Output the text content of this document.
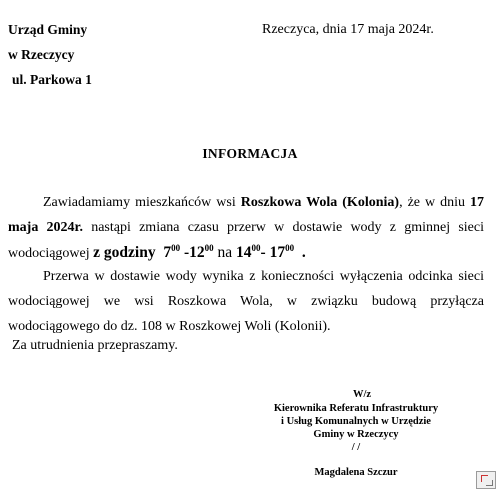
Urząd Gminy
w Rzeczycy
ul. Parkowa 1
Rzeczyca, dnia 17 maja 2024r.
INFORMACJA
Zawiadamiamy mieszkańców wsi Roszkowa Wola (Kolonia), że w dniu 17 maja 2024r. nastąpi zmiana czasu przerw w dostawie wody z gminnej sieci wodociągowej z godziny $7^{00}$ $-12^{00}$ na $14^{00}-$ $17^{00}$  .
Przerwa w dostawie wody wynika z konieczności wyłączenia odcinka sieci wodociągowej we wsi Roszkowa Wola, w związku budową przyłącza wodociągowego do dz. 108 w Roszkowej Woli (Kolonii).
Za utrudnienia przepraszamy.
W/z
Kierownika Referatu Infrastruktury
i Usług Komunalnych w Urzędzie
Gminy w Rzeczycy
/ /
Magdalena Szczur
